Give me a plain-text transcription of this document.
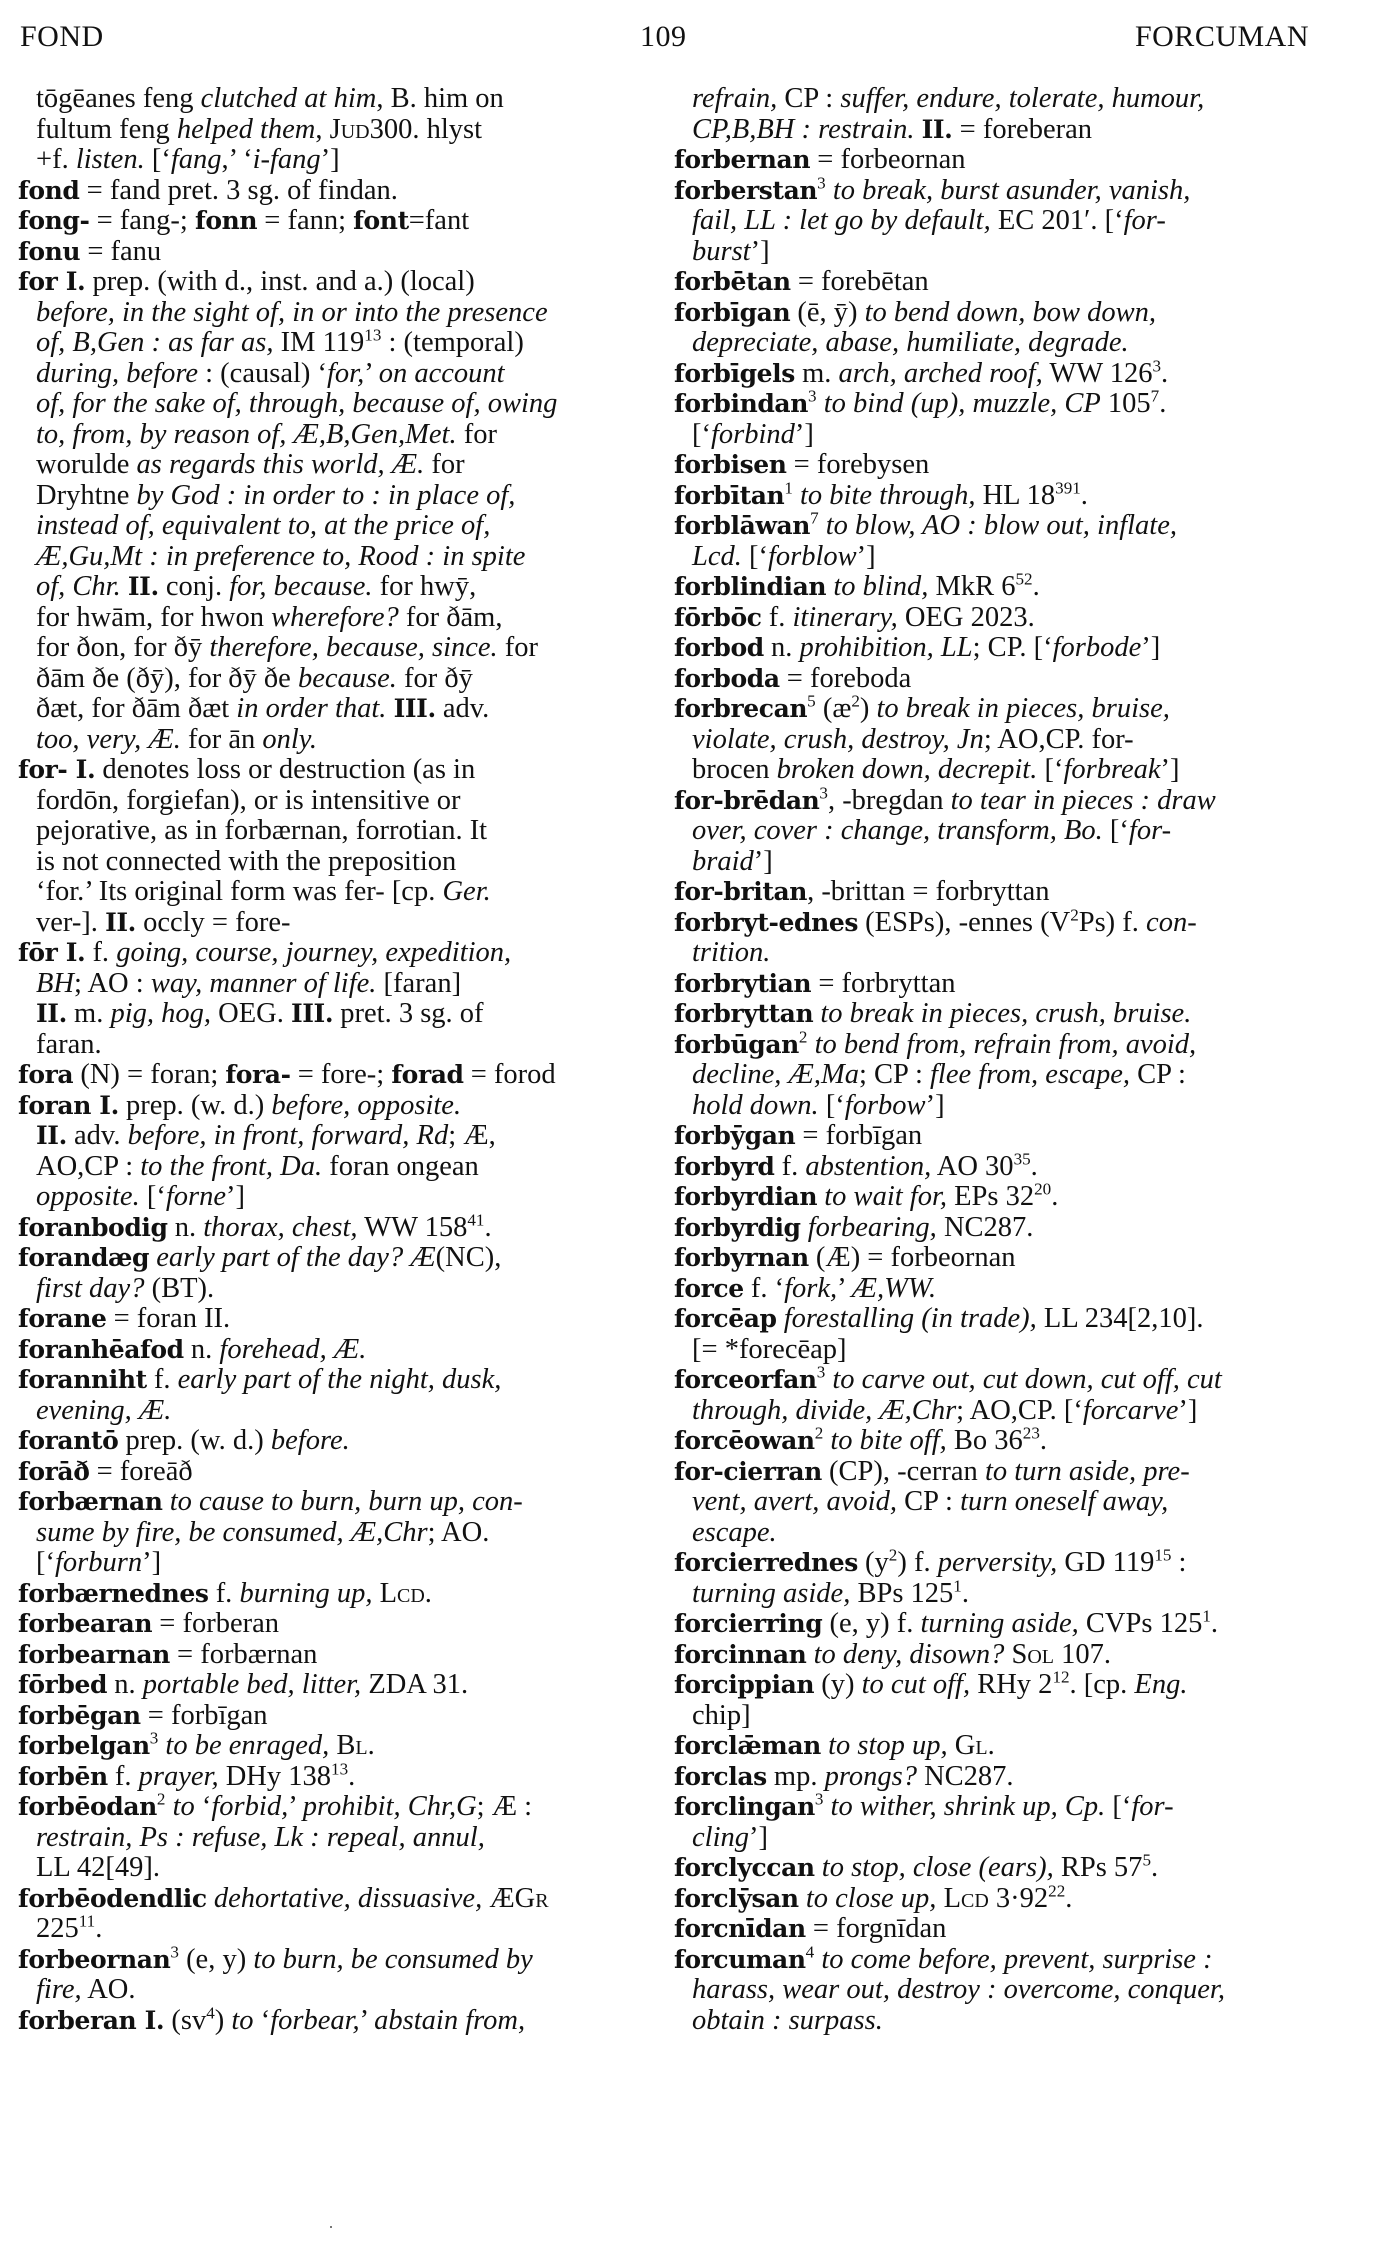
FOND	109	FORCUMAN
tōgēanes feng clutched at him, B. him on
fultum feng helped them, Jud300. hlyst
+f. listen. [‘fang,’ ‘i-fang’]
fond = fand pret. 3 sg. of findan.
fong- = fang-; fonn = fann; font=fant
fonu = fanu
for I. prep. (with d., inst. and a.) (local)
before, in the sight of, in or into the presence
of, B,Gen : as far as, IM $119^{13}$ : (temporal)
during, before : (causal) ‘for,’ on account
of, for the sake of, through, because of, owing
to, from, by reason of, Æ,B,Gen,Met. for
worulde as regards this world, Æ. for
Dryhtne by God : in order to : in place of,
instead of, equivalent to, at the price of,
Æ,Gu,Mt : in preference to, Rood : in spite
of, Chr. II. conj. for, because. for hwȳ,
for hwām, for hwon wherefore? for ðām,
for ðon, for ðȳ therefore, because, since. for
ðām ðe (ðȳ), for ðȳ ðe because. for ðȳ
ðæt, for ðām ðæt in order that. III. adv.
too, very, Æ. for ān only.
for- I. denotes loss or destruction (as in
fordōn, forgiefan), or is intensitive or
pejorative, as in forbærnan, forrotian. It
is not connected with the preposition
‘for.’ Its original form was fer- [cp. Ger.
ver-]. II. occly = fore-
fōr I. f. going, course, journey, expedition,
BH; AO : way, manner of life. [faran]
II. m. pig, hog, OEG. III. pret. 3 sg. of
faran.
fora (N) = foran; fora- = fore-; forad = forod
foran I. prep. (w. d.) before, opposite.
II. adv. before, in front, forward, Rd; Æ,
AO,CP : to the front, Da. foran ongean
opposite. [‘forne’]
foranbodig n. thorax, chest, WW $158^{41}$.
forandæg early part of the day? Æ(NC),
first day? (BT).
forane = foran II.
foranhēafod n. forehead, Æ.
foranniht f. early part of the night, dusk,
evening, Æ.
forantō prep. (w. d.) before.
forāð = foreāð
forbærnan to cause to burn, burn up, con-
sume by fire, be consumed, Æ,Chr; AO.
[‘forburn’]
forbærnednes f. burning up, Lcd.
forbearan = forberan
forbearnan = forbærnan
fōrbed n. portable bed, litter, ZDA 31.
forbēgan = forbīgan
forbelgan$^3$ to be enraged, Bl.
forbēn f. prayer, DHy $138^{13}$.
forbēodan$^2$ to ‘forbid,’ prohibit, Chr,G; Æ :
restrain, Ps : refuse, Lk : repeal, annul,
LL 42[49].
forbēodendlic dehortative, dissuasive, ÆGr
$225^{11}$.
forbeornan$^3$ (e, y) to burn, be consumed by
fire, AO.
forberan I. $(sv^4)$ to ‘forbear,’ abstain from,
refrain, CP : suffer, endure, tolerate, humour,
CP,B,BH : restrain. II. = foreberan
forbernan = forbeornan
forberstan$^3$ to break, burst asunder, vanish,
fail, LL : let go by default, EC 201′. [‘for-
burst’]
forbētan = forebētan
forbīgan (ē, ȳ) to bend down, bow down,
depreciate, abase, humiliate, degrade.
forbīgels m. arch, arched roof, WW $126^3$.
forbindan$^3$ to bind (up), muzzle, CP $105^7$.
[‘forbind’]
forbisen = forebysen
forbītan$^1$ to bite through, HL $18^{391}$.
forblāwan$^7$ to blow, AO : blow out, inflate,
Lcd. [‘forblow’]
forblindian to blind, MkR $6^{52}$.
fōrbōc f. itinerary, OEG 2023.
forbod n. prohibition, LL; CP. [‘forbode’]
forboda = foreboda
forbrecan$^5$ $(æ^2)$ to break in pieces, bruise,
violate, crush, destroy, Jn; AO,CP. for-
brocen broken down, decrepit. [‘forbreak’]
for-brēdan$^3$, -bregdan to tear in pieces : draw
over, cover : change, transform, Bo. [‘for-
braid’]
for-britan, -brittan = forbryttan
forbryt-ednes (ESPs), -ennes $(V^2Ps)$ f. con-
trition.
forbrytian = forbryttan
forbryttan to break in pieces, crush, bruise.
forbūgan$^2$ to bend from, refrain from, avoid,
decline, Æ,Ma; CP : flee from, escape, CP :
hold down. [‘forbow’]
forbȳgan = forbīgan
forbyrd f. abstention, AO $30^{35}$.
forbyrdian to wait for, EPs $32^{20}$.
forbyrdig forbearing, NC287.
forbyrnan (Æ) = forbeornan
force f. ‘fork,’ Æ,WW.
forcēap forestalling (in trade), LL 234[2,10].
[= *forecēap]
forceorfan$^3$ to carve out, cut down, cut off, cut
through, divide, Æ,Chr; AO,CP. [‘forcarve’]
forcēowan$^2$ to bite off, Bo $36^{23}$.
for-cierran (CP), -cerran to turn aside, pre-
vent, avert, avoid, CP : turn oneself away,
escape.
forcierrednes $(y^2)$ f. perversity, GD $119^{15}$ :
turning aside, BPs $125^1$.
forcierring (e, y) f. turning aside, CVPs $125^1$.
forcinnan to deny, disown? Sol 107.
forcippian (y) to cut off, RHy $2^{12}$. [cp. Eng.
chip]
forclǣman to stop up, Gl.
forclas mp. prongs? NC287.
forclingan$^3$ to wither, shrink up, Cp. [‘for-
cling’]
forclyccan to stop, close (ears), RPs $57^5$.
forclȳsan to close up, Lcd $3\cdot 92^{22}$.
forcnīdan = forgnīdan
forcuman$^4$ to come before, prevent, surprise :
harass, wear out, destroy : overcome, conquer,
obtain : surpass.
